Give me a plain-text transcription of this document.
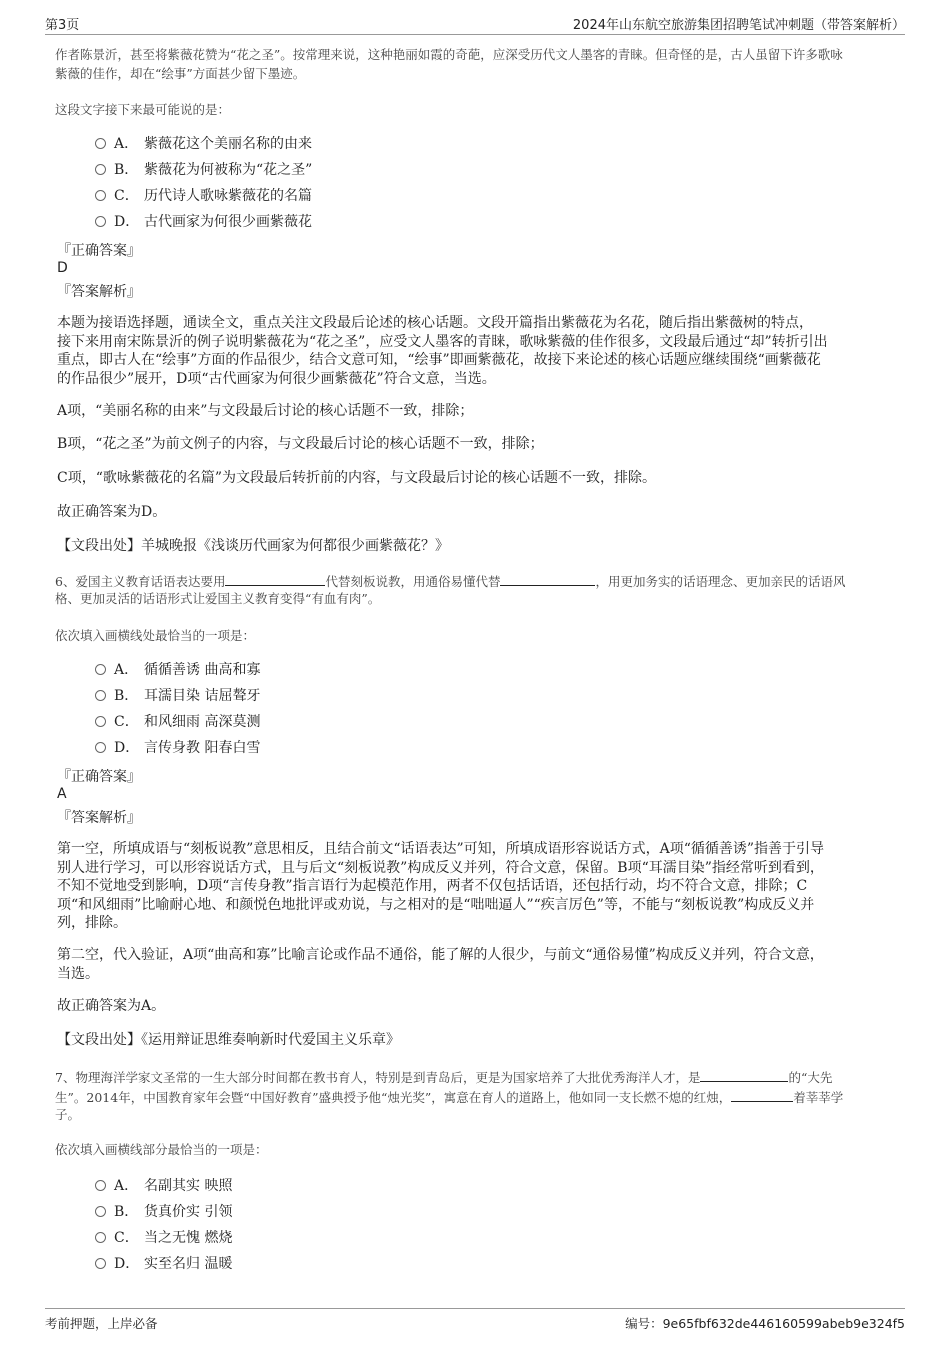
第3页	2024年山东航空旅游集团招聘笔试冲刺题（带答案解析）
作者陈景沂，甚至将紫薇花赞为“花之圣”。按常理来说，这种艳丽如霞的奇葩，应深受历代文人墨客的青睐。但奇怪的是，古人虽留下许多歌咏
紫薇的佳作，却在“绘事”方面甚少留下墨迹。
这段文字接下来最可能说的是：
A． 紫薇花这个美丽名称的由来
B． 紫薇花为何被称为“花之圣”
C． 历代诗人歌咏紫薇花的名篇
D． 古代画家为何很少画紫薇花
『正确答案』
D
『答案解析』
本题为接语选择题，通读全文，重点关注文段最后论述的核心话题。文段开篇指出紫薇花为名花，随后指出紫薇树的特点，
接下来用南宋陈景沂的例子说明紫薇花为“花之圣”，应受文人墨客的青睐，歌咏紫薇的佳作很多，文段最后通过“却”转折引出
重点，即古人在“绘事”方面的作品很少，结合文意可知，“绘事”即画紫薇花，故接下来论述的核心话题应继续围绕“画紫薇花
的作品很少”展开，D项“古代画家为何很少画紫薇花”符合文意，当选。
A项，“美丽名称的由来”与文段最后讨论的核心话题不一致，排除；
B项，“花之圣”为前文例子的内容，与文段最后讨论的核心话题不一致，排除；
C项，“歌咏紫薇花的名篇”为文段最后转折前的内容，与文段最后讨论的核心话题不一致，排除。
故正确答案为D。
【文段出处】羊城晚报《浅谈历代画家为何都很少画紫薇花？》
6、爱国主义教育话语表达要用	代替刻板说教，用通俗易懂代替	，用更加务实的话语理念、更加亲民的话语风
格、更加灵活的话语形式让爱国主义教育变得“有血有肉”。
依次填入画横线处最恰当的一项是：
A． 循循善诱 曲高和寡
B． 耳濡目染 诘屈聱牙
C． 和风细雨 高深莫测
D． 言传身教 阳春白雪
『正确答案』
A
『答案解析』
第一空，所填成语与“刻板说教”意思相反，且结合前文“话语表达”可知，所填成语形容说话方式，A项“循循善诱”指善于引导
别人进行学习，可以形容说话方式，且与后文“刻板说教”构成反义并列，符合文意，保留。B项“耳濡目染”指经常听到看到，
不知不觉地受到影响，D项“言传身教”指言语行为起模范作用，两者不仅包括话语，还包括行动，均不符合文意，排除；C
项“和风细雨”比喻耐心地、和颜悦色地批评或劝说，与之相对的是“咄咄逼人”“疾言厉色”等，不能与“刻板说教”构成反义并
列，排除。
第二空，代入验证，A项“曲高和寡”比喻言论或作品不通俗，能了解的人很少，与前文“通俗易懂”构成反义并列，符合文意，
当选。
故正确答案为A。
【文段出处】《运用辩证思维奏响新时代爱国主义乐章》
7、物理海洋学家文圣常的一生大部分时间都在教书育人，特别是到青岛后，更是为国家培养了大批优秀海洋人才，是	的“大先
生”。2014年，中国教育家年会暨“中国好教育”盛典授予他“烛光奖”，寓意在育人的道路上，他如同一支长燃不熄的红烛，	着莘莘学
子。
依次填入画横线部分最恰当的一项是：
A． 名副其实 映照
B． 货真价实 引领
C． 当之无愧 燃烧
D． 实至名归 温暖
考前押题，上岸必备	编号：9e65fbf632de446160599abeb9e324f5
